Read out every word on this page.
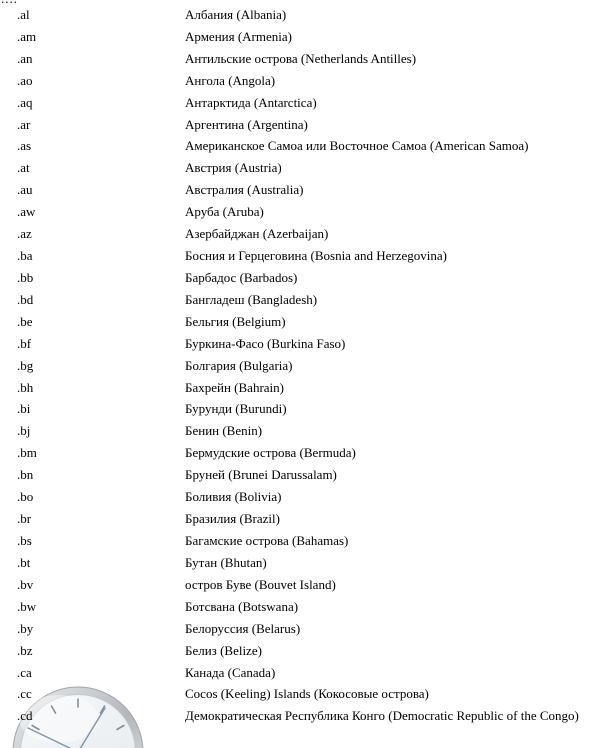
.al	Албания (Albania)
.am	Армения (Armenia)
.an	Антильские острова (Netherlands Antilles)
.ao	Ангола (Angola)
.aq	Антарктида (Antarctica)
.ar	Аргентина (Argentina)
.as	Американское Самоа или Восточное Самоа (American Samoa)
.at	Австрия (Austria)
.au	Австралия (Australia)
.aw	Аруба (Aruba)
.az	Азербайджан (Azerbaijan)
.ba	Босния и Герцеговина (Bosnia and Herzegovina)
.bb	Барбадос (Barbados)
.bd	Бангладеш (Bangladesh)
.be	Бельгия (Belgium)
.bf	Буркина-Фасо (Burkina Faso)
.bg	Болгария (Bulgaria)
.bh	Бахрейн (Bahrain)
.bi	Бурунди (Burundi)
.bj	Бенин (Benin)
.bm	Бермудские острова (Bermuda)
.bn	Бруней (Brunei Darussalam)
.bo	Боливия (Bolivia)
.br	Бразилия (Brazil)
.bs	Багамские острова (Bahamas)
.bt	Бутан (Bhutan)
.bv	остров Буве (Bouvet Island)
.bw	Ботсвана (Botswana)
.by	Белоруссия (Belarus)
.bz	Белиз (Belize)
.ca	Канада (Canada)
.cc	Cocos (Keeling) Islands (Кокосовые острова)
.cd	Демократическая Республика Конго (Democratic Republic of the Congo)
